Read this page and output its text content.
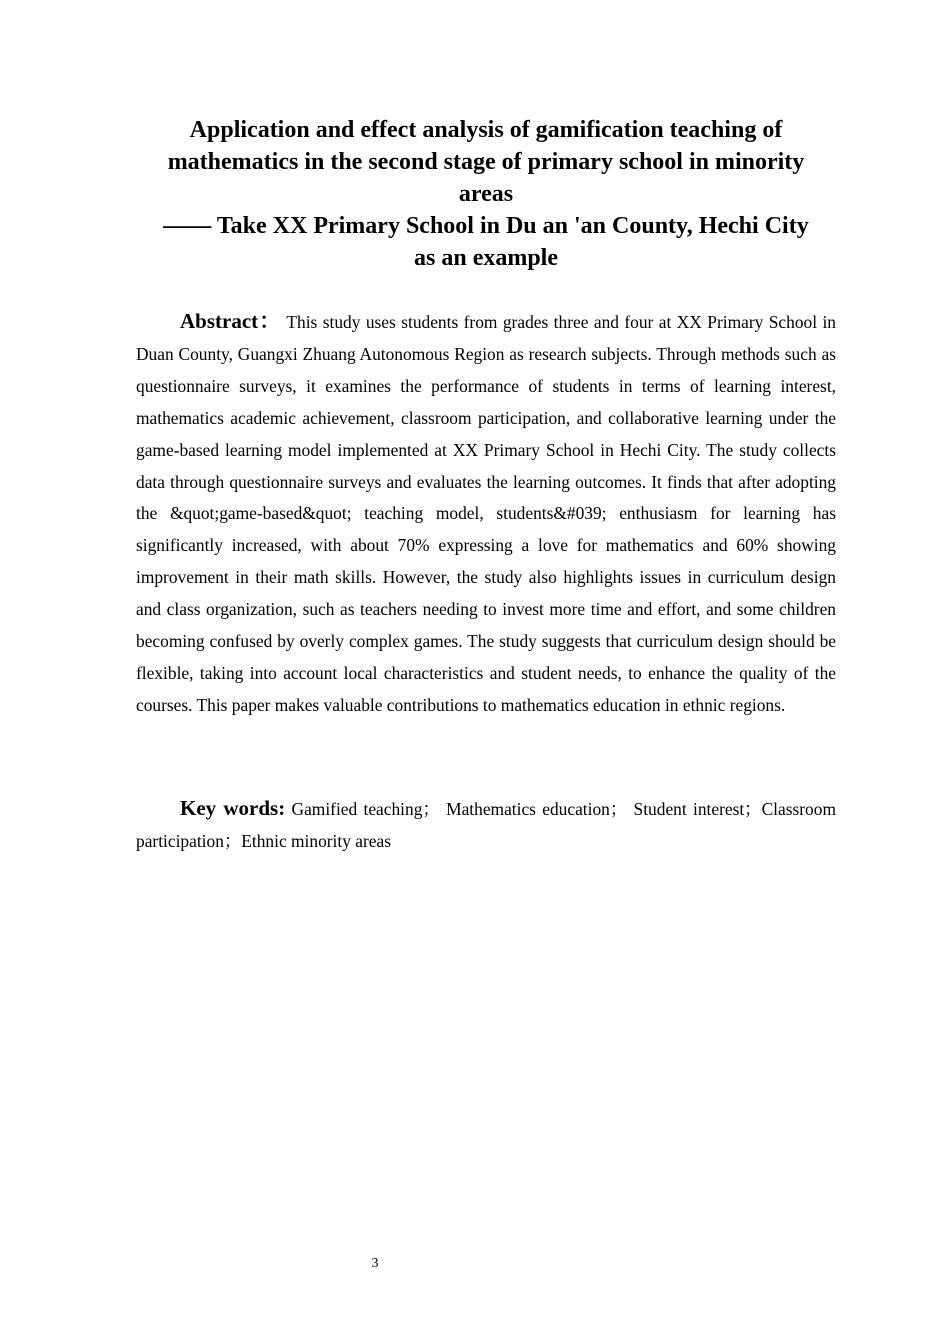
Application and effect analysis of gamification teaching of
mathematics in the second stage of primary school in minority
areas
—— Take XX Primary School in Du an 'an County, Hechi City
as an example
Abstract： This study uses students from grades three and four at XX Primary School in Duan County, Guangxi Zhuang Autonomous Region as research subjects. Through methods such as questionnaire surveys, it examines the performance of students in terms of learning interest, mathematics academic achievement, classroom participation, and collaborative learning under the game-based learning model implemented at XX Primary School in Hechi City. The study collects data through questionnaire surveys and evaluates the learning outcomes. It finds that after adopting the &quot;game-based&quot; teaching model, students&#039; enthusiasm for learning has significantly increased, with about 70% expressing a love for mathematics and 60% showing improvement in their math skills. However, the study also highlights issues in curriculum design and class organization, such as teachers needing to invest more time and effort, and some children becoming confused by overly complex games. The study suggests that curriculum design should be flexible, taking into account local characteristics and student needs, to enhance the quality of the courses. This paper makes valuable contributions to mathematics education in ethnic regions.
Key words: Gamified teaching； Mathematics education； Student interest；Classroom participation；Ethnic minority areas
3
